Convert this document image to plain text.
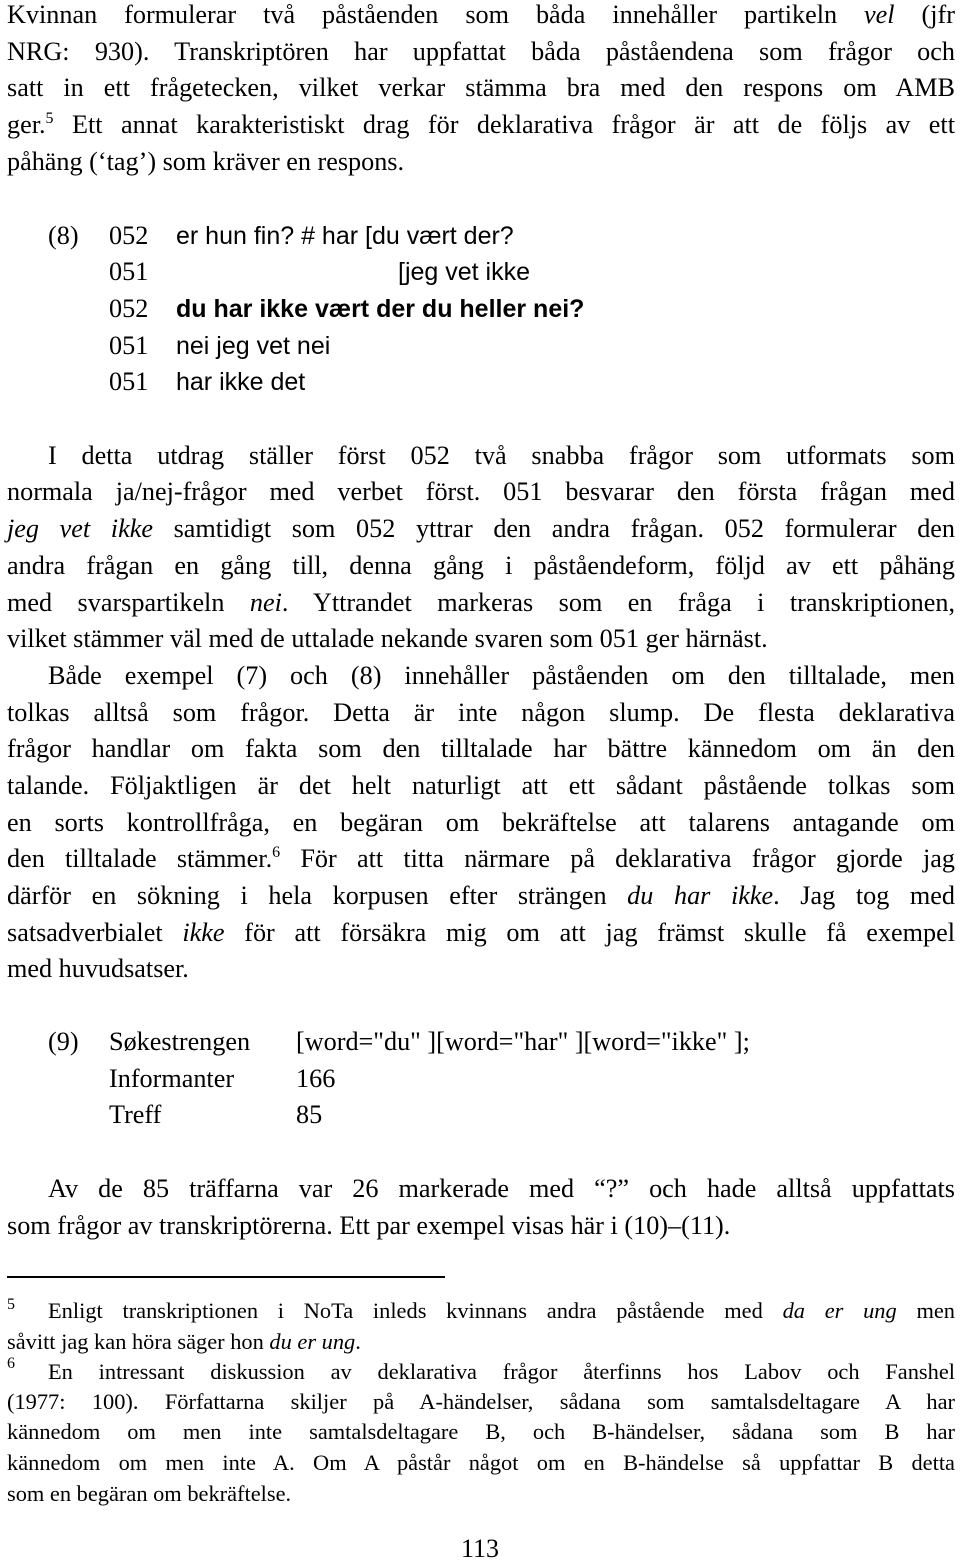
Kvinnan formulerar två påståenden som båda innehåller partikeln vel (jfr
NRG: 930). Transkriptören har uppfattat båda påståendena som frågor och
satt in ett frågetecken, vilket verkar stämma bra med den respons om AMB
ger.$^5$ Ett annat karakteristiskt drag för deklarativa frågor är att de följs av ett
påhäng (‘tag’) som kräver en respons.
(8) 052 er hun fin? # har [du vært der?
051	[jeg vet ikke
052 du har ikke vært der du heller nei?
051 nei jeg vet nei
051 har ikke det
I detta utdrag ställer först 052 två snabba frågor som utformats som
normala ja/nej-frågor med verbet först. 051 besvarar den första frågan med
jeg vet ikke samtidigt som 052 yttrar den andra frågan. 052 formulerar den
andra frågan en gång till, denna gång i påståendeform, följd av ett påhäng
med svarspartikeln nei. Yttrandet markeras som en fråga i transkriptionen,
vilket stämmer väl med de uttalade nekande svaren som 051 ger härnäst.
Både exempel (7) och (8) innehåller påståenden om den tilltalade, men
tolkas alltså som frågor. Detta är inte någon slump. De flesta deklarativa
frågor handlar om fakta som den tilltalade har bättre kännedom om än den
talande. Följaktligen är det helt naturligt att ett sådant påstående tolkas som
en sorts kontrollfråga, en begäran om bekräftelse att talarens antagande om
den tilltalade stämmer.$^6$ För att titta närmare på deklarativa frågor gjorde jag
därför en sökning i hela korpusen efter strängen du har ikke. Jag tog med
satsadverbialet ikke för att försäkra mig om att jag främst skulle få exempel
med huvudsatser.
(9) Søkestrengen [word="du" ][word="har" ][word="ikke" ];
Informanter 166
Treff	85
Av de 85 träffarna var 26 markerade med “?” och hade alltså uppfattats
som frågor av transkriptörerna. Ett par exempel visas här i (10)–(11).
5 Enligt transkriptionen i NoTa inleds kvinnans andra påstående med da er ung men
såvitt jag kan höra säger hon du er ung.
6 En intressant diskussion av deklarativa frågor återfinns hos Labov och Fanshel
(1977: 100). Författarna skiljer på A-händelser, sådana som samtalsdeltagare A har
kännedom om men inte samtalsdeltagare B, och B-händelser, sådana som B har
kännedom om men inte A. Om A påstår något om en B-händelse så uppfattar B detta
som en begäran om bekräftelse.
113
